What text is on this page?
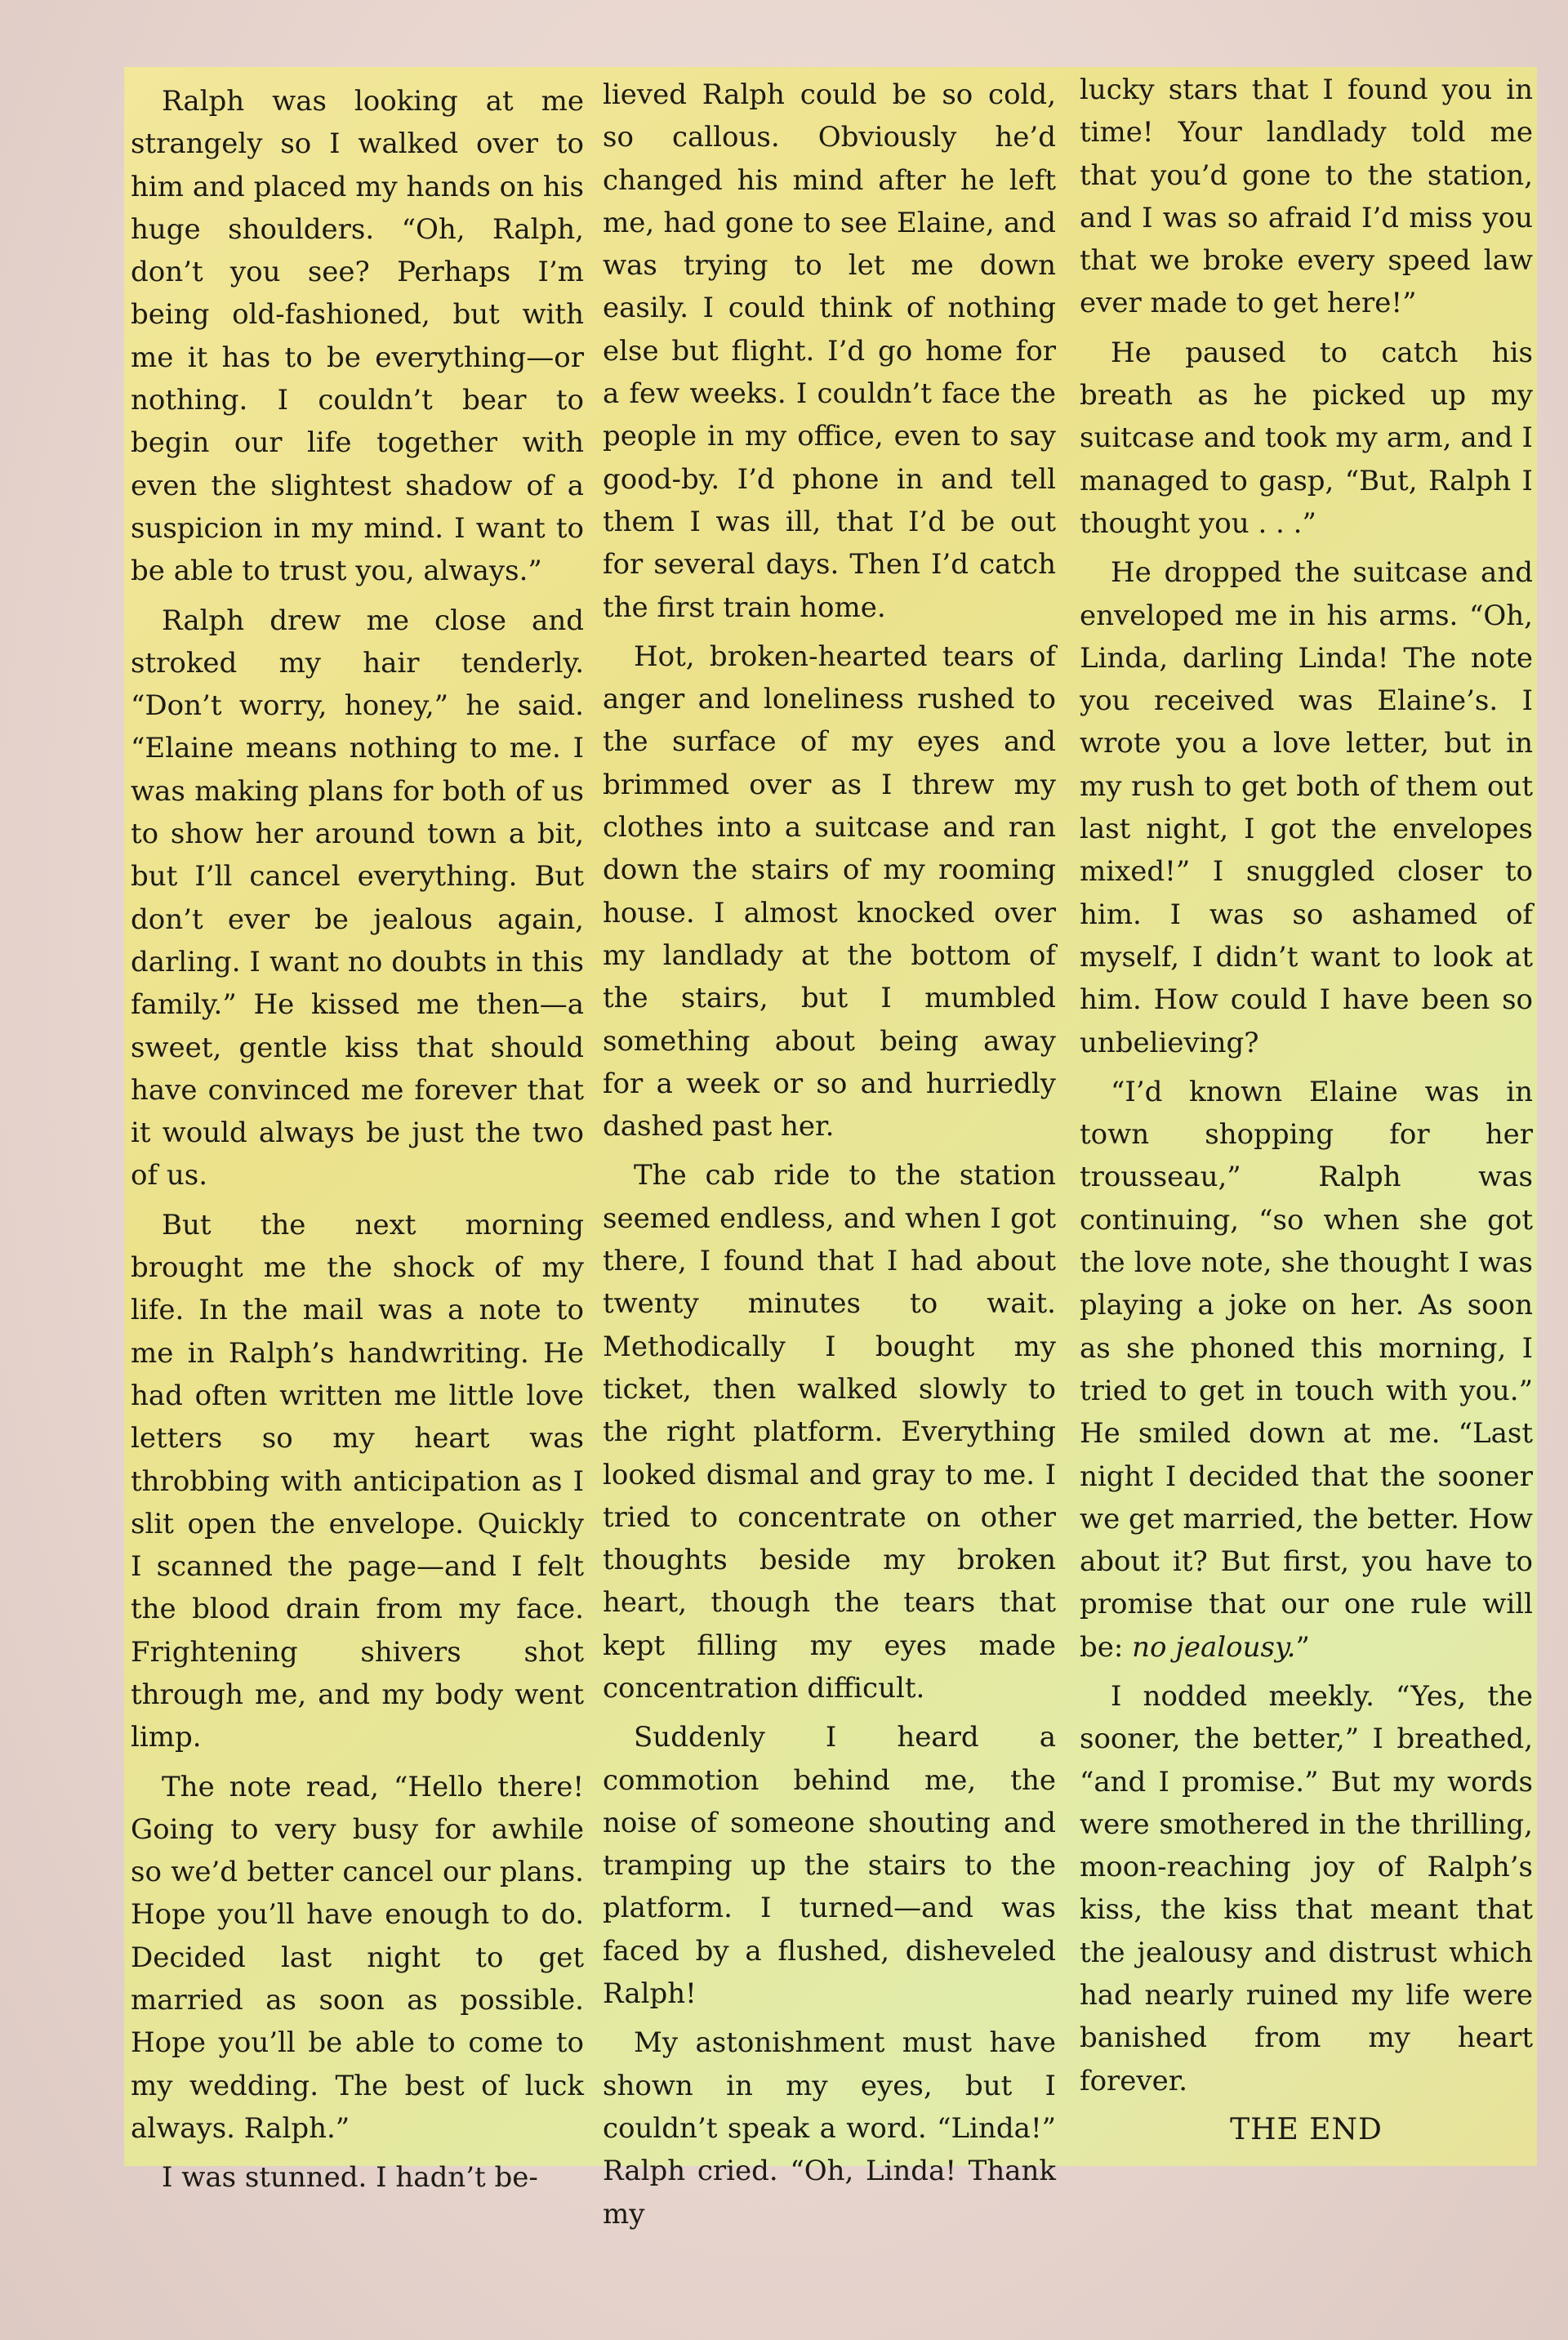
Ralph was looking at me strangely so I walked over to him and placed my hands on his huge shoulders. “Oh, Ralph, don’t you see? Perhaps I’m being old-fashioned, but with me it has to be everything—or nothing. I couldn’t bear to begin our life together with even the slightest shadow of a suspicion in my mind. I want to be able to trust you, always.”

Ralph drew me close and stroked my hair tenderly. “Don’t worry, honey,” he said. “Elaine means nothing to me. I was making plans for both of us to show her around town a bit, but I’ll cancel everything. But don’t ever be jealous again, darling. I want no doubts in this family.” He kissed me then—a sweet, gentle kiss that should have convinced me forever that it would always be just the two of us.

But the next morning brought me the shock of my life. In the mail was a note to me in Ralph’s handwriting. He had often written me little love letters so my heart was throbbing with anticipation as I slit open the envelope. Quickly I scanned the page—and I felt the blood drain from my face. Frightening shivers shot through me, and my body went limp.

The note read, “Hello there! Going to very busy for awhile so we’d better cancel our plans. Hope you’ll have enough to do. Decided last night to get married as soon as possible. Hope you’ll be able to come to my wedding. The best of luck always. Ralph.”

I was stunned. I hadn’t be-

lieved Ralph could be so cold, so callous. Obviously he’d changed his mind after he left me, had gone to see Elaine, and was trying to let me down easily. I could think of nothing else but flight. I’d go home for a few weeks. I couldn’t face the people in my office, even to say good-by. I’d phone in and tell them I was ill, that I’d be out for several days. Then I’d catch the first train home.

Hot, broken-hearted tears of anger and loneliness rushed to the surface of my eyes and brimmed over as I threw my clothes into a suitcase and ran down the stairs of my rooming house. I almost knocked over my landlady at the bottom of the stairs, but I mumbled something about being away for a week or so and hurriedly dashed past her.

The cab ride to the station seemed endless, and when I got there, I found that I had about twenty minutes to wait. Methodically I bought my ticket, then walked slowly to the right platform. Everything looked dismal and gray to me. I tried to concentrate on other thoughts beside my broken heart, though the tears that kept filling my eyes made concentration difficult.

Suddenly I heard a commotion behind me, the noise of someone shouting and tramping up the stairs to the platform. I turned—and was faced by a flushed, disheveled Ralph!

My astonishment must have shown in my eyes, but I couldn’t speak a word. “Linda!” Ralph cried. “Oh, Linda! Thank my

lucky stars that I found you in time! Your landlady told me that you’d gone to the station, and I was so afraid I’d miss you that we broke every speed law ever made to get here!”

He paused to catch his breath as he picked up my suitcase and took my arm, and I managed to gasp, “But, Ralph I thought you . . .”

He dropped the suitcase and enveloped me in his arms. “Oh, Linda, darling Linda! The note you received was Elaine’s. I wrote you a love letter, but in my rush to get both of them out last night, I got the envelopes mixed!” I snuggled closer to him. I was so ashamed of myself, I didn’t want to look at him. How could I have been so unbelieving?

“I’d known Elaine was in town shopping for her trousseau,” Ralph was continuing, “so when she got the love note, she thought I was playing a joke on her. As soon as she phoned this morning, I tried to get in touch with you.” He smiled down at me. “Last night I decided that the sooner we get married, the better. How about it? But first, you have to promise that our one rule will be: no jealousy.”

I nodded meekly. “Yes, the sooner, the better,” I breathed, “and I promise.” But my words were smothered in the thrilling, moon-reaching joy of Ralph’s kiss, the kiss that meant that the jealousy and distrust which had nearly ruined my life were banished from my heart forever.

THE END
